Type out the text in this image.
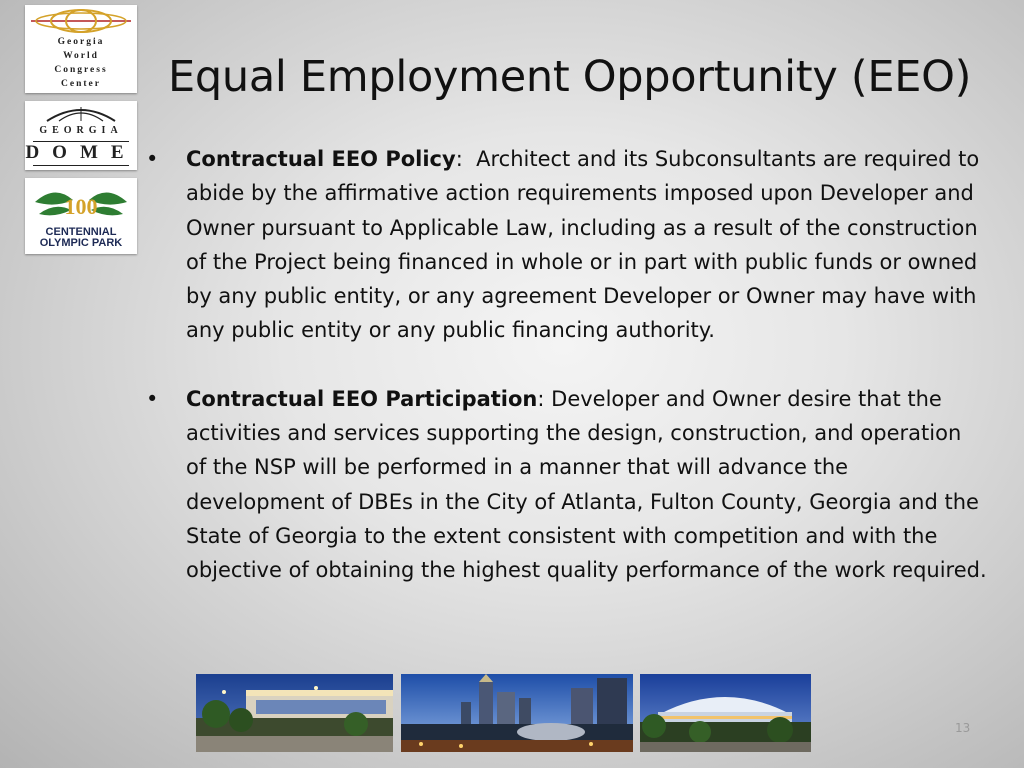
Georgia
World
Congress
Center
GEORGIA
DOME
100
CENTENNIAL
OLYMPIC PARK
Equal Employment Opportunity (EEO)
• Contractual EEO Policy:  Architect and its Subconsultants are required to abide by the affirmative action requirements imposed upon Developer and Owner pursuant to Applicable Law, including as a result of the construction of the Project being financed in whole or in part with public funds or owned by any public entity, or any agreement Developer or Owner may have with any public entity or any public financing authority.
• Contractual EEO Participation: Developer and Owner desire that the activities and services supporting the design, construction, and operation of the NSP will be performed in a manner that will advance the development of DBEs in the City of Atlanta, Fulton County, Georgia and the State of Georgia to the extent consistent with competition and with the objective of obtaining the highest quality performance of the work required.
13
